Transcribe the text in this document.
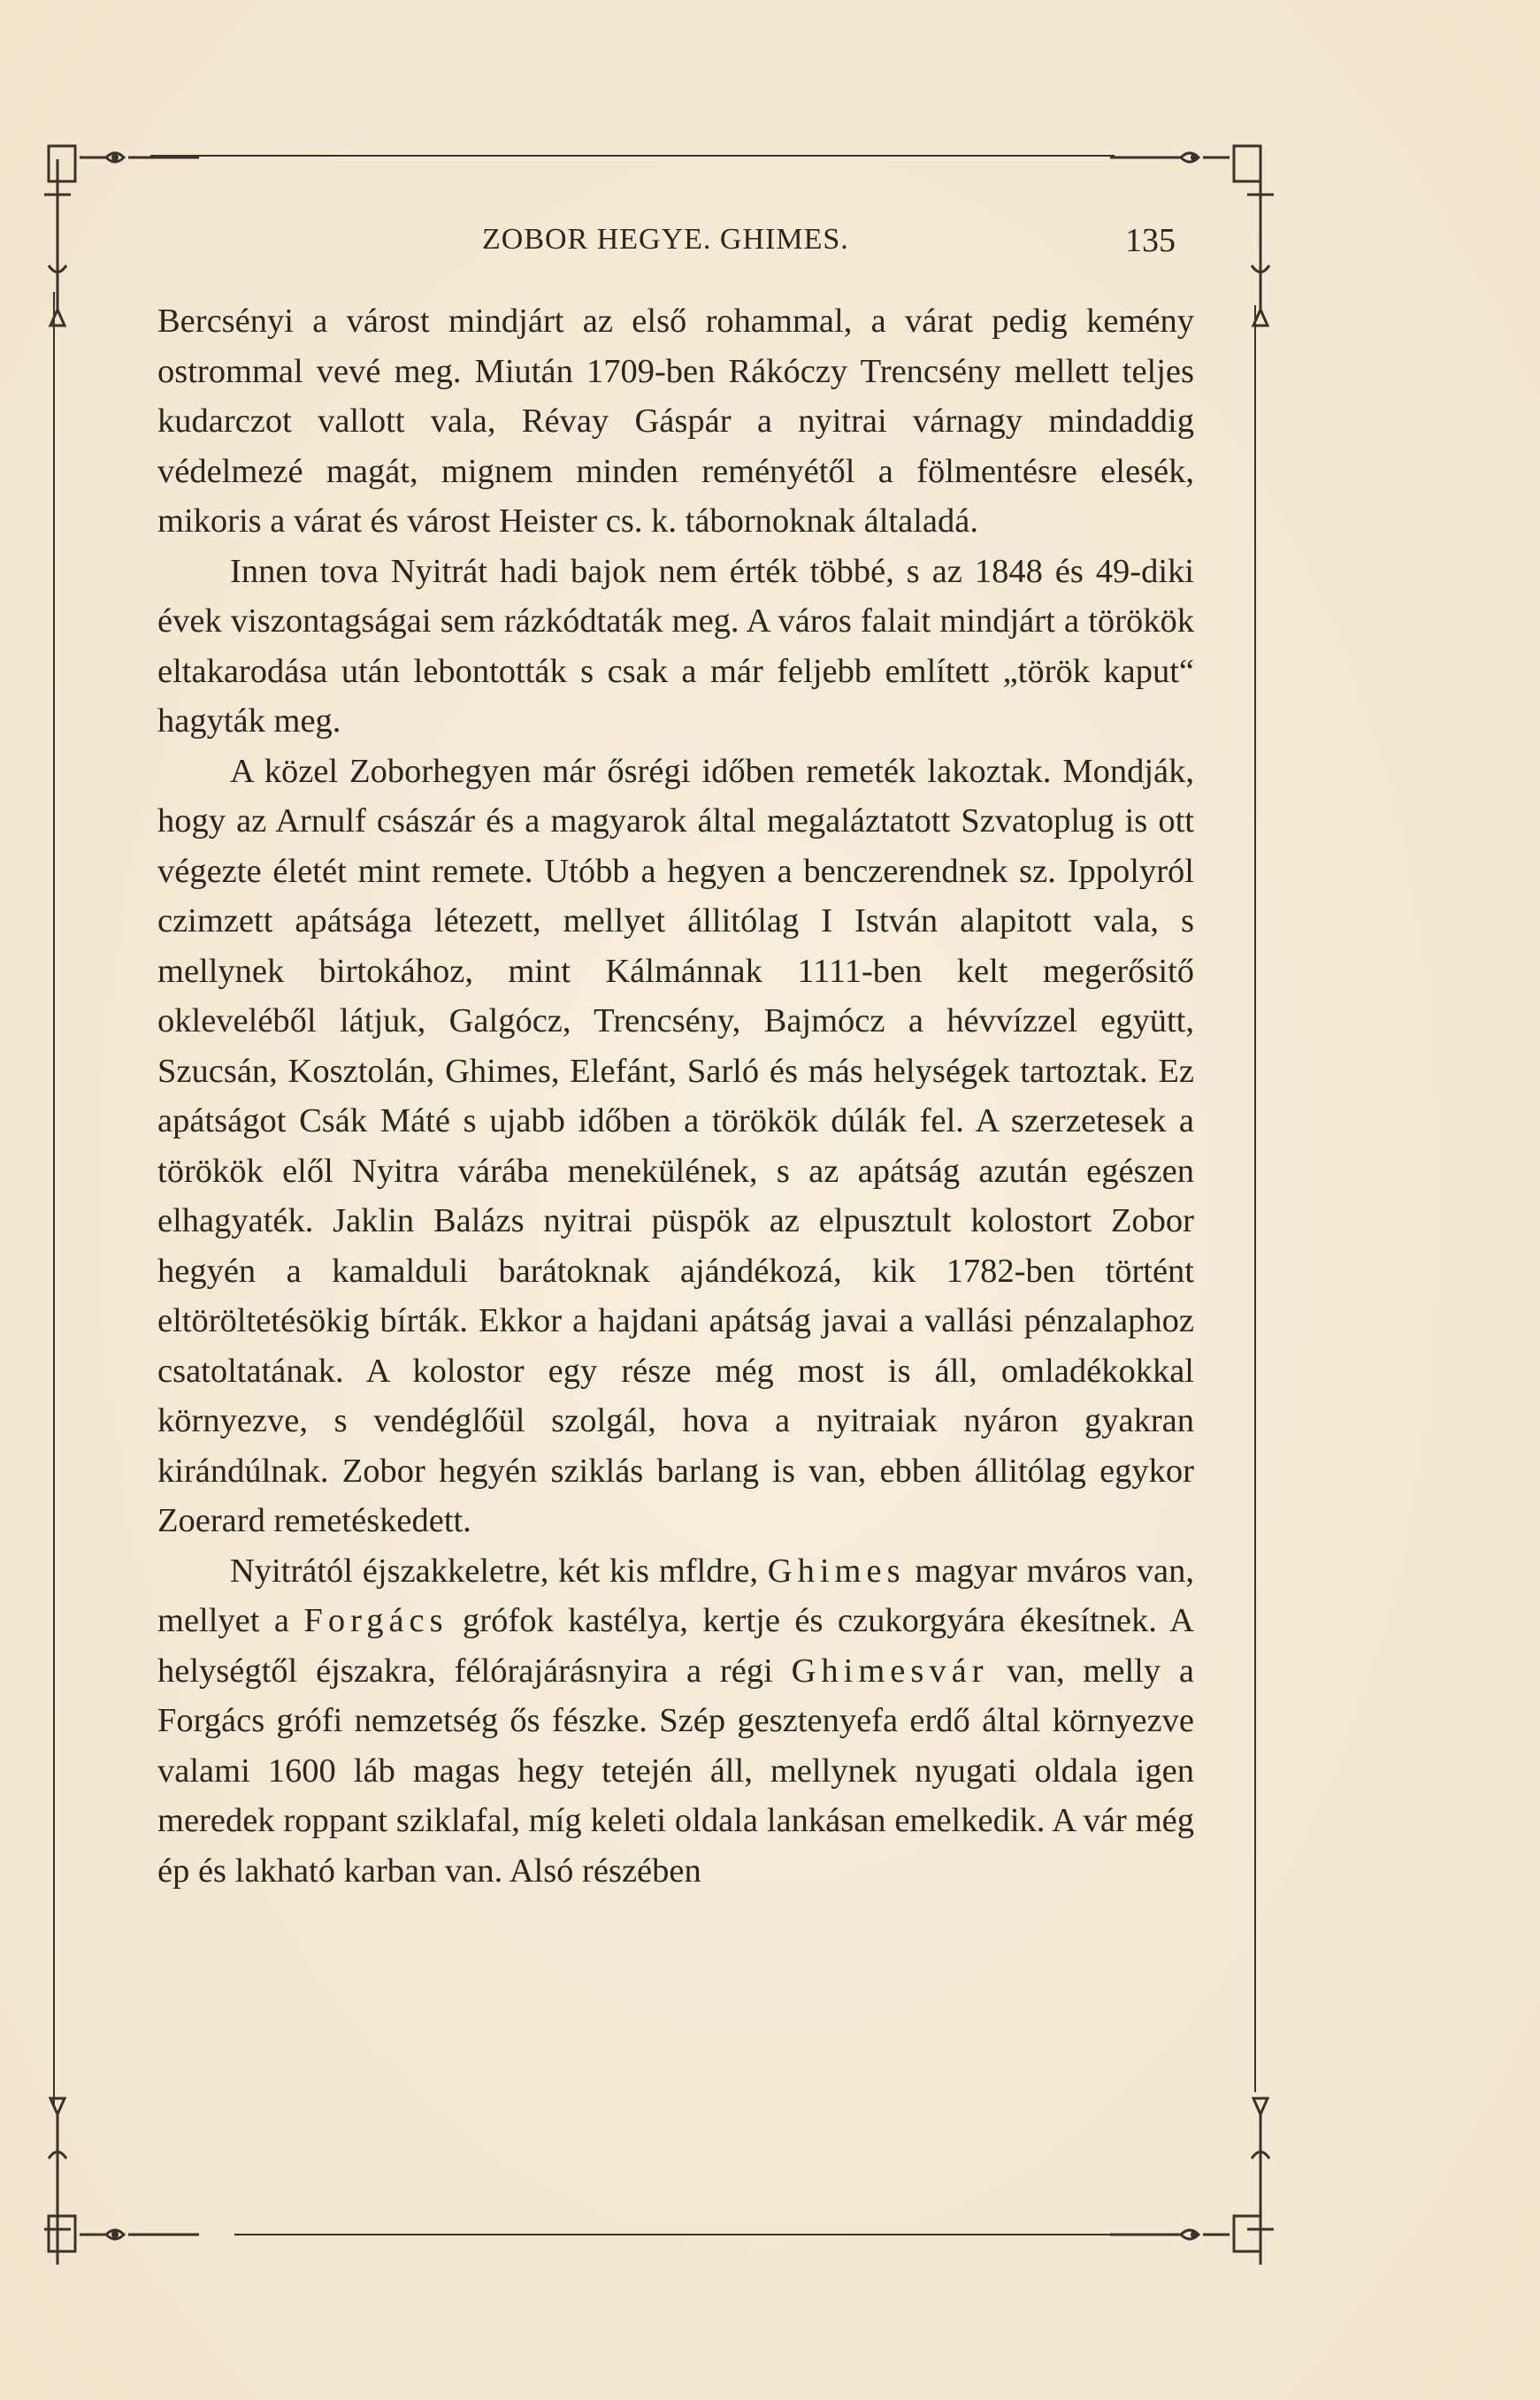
ZOBOR HEGYE. GHIMES.	135

Bercsényi a várost mindjárt az első rohammal, a várat pedig kemény ostrommal vevé meg. Miután 1709-ben Rákóczy Trencsény mellett teljes kudarczot vallott vala, Révay Gáspár a nyitrai várnagy mindaddig védelmezé magát, mignem minden reményétől a fölmentésre elesék, mikoris a várat és várost Heister cs. k. tábornoknak általadá.

Innen tova Nyitrát hadi bajok nem érték többé, s az 1848 és 49-diki évek viszontagságai sem rázkódtaták meg. A város falait mindjárt a törökök eltakarodása után lebontották s csak a már feljebb említett „török kaput“ hagyták meg.

A közel Zoborhegyen már ősrégi időben remeték lakoztak. Mondják, hogy az Arnulf császár és a magyarok által megaláztatott Szvatoplug is ott végezte életét mint remete. Utóbb a hegyen a benczerendnek sz. Ippolyról czimzett apátsága létezett, mellyet állitólag I István alapitott vala, s mellynek birtokához, mint Kálmánnak 1111-ben kelt megerősitő oklevеléből látjuk, Galgócz, Trencsény, Bajmócz a hévvízzel együtt, Szucsán, Kosztolán, Ghimes, Elefánt, Sarló és más helységek tartoztak. Ez apátságot Csák Máté s ujabb időben a törökök dúlák fel. A szerzetesek a törökök elől Nyitra várába menekülének, s az apátság azután egészen elhagyaték. Jaklin Balázs nyitrai püspök az elpusztult kolostort Zobor hegyén a kamalduli barátoknak ajándékozá, kik 1782-ben történt eltöröltetésökig bírták. Ekkor a hajdani apátság javai a vallási pénzalaphoz csatoltatának. A kolostor egy része még most is áll, omladékokkal környezve, s vendéglőül szolgál, hova a nyitraiak nyáron gyakran kirándúlnak. Zobor hegyén sziklás barlang is van, ebben állitólag egykor Zoerard remetéskedett.

Nyitrától éjszakkeletre, két kis mfldre, Ghimes magyar mváros van, mellyet a Forgács grófok kastélya, kertje és czukorgyára ékesítnek. A helységtől éjszakra, félórajárásnyira a régi Ghimesvár van, melly a Forgács grófi nemzetség ős fészke. Szép gesztenyefa erdő által környezve valami 1600 láb magas hegy tetején áll, mellynek nyugati oldala igen meredek roppant sziklafal, míg keleti oldala lankásan emelkedik. A vár még ép és lakható karban van. Alsó részében
